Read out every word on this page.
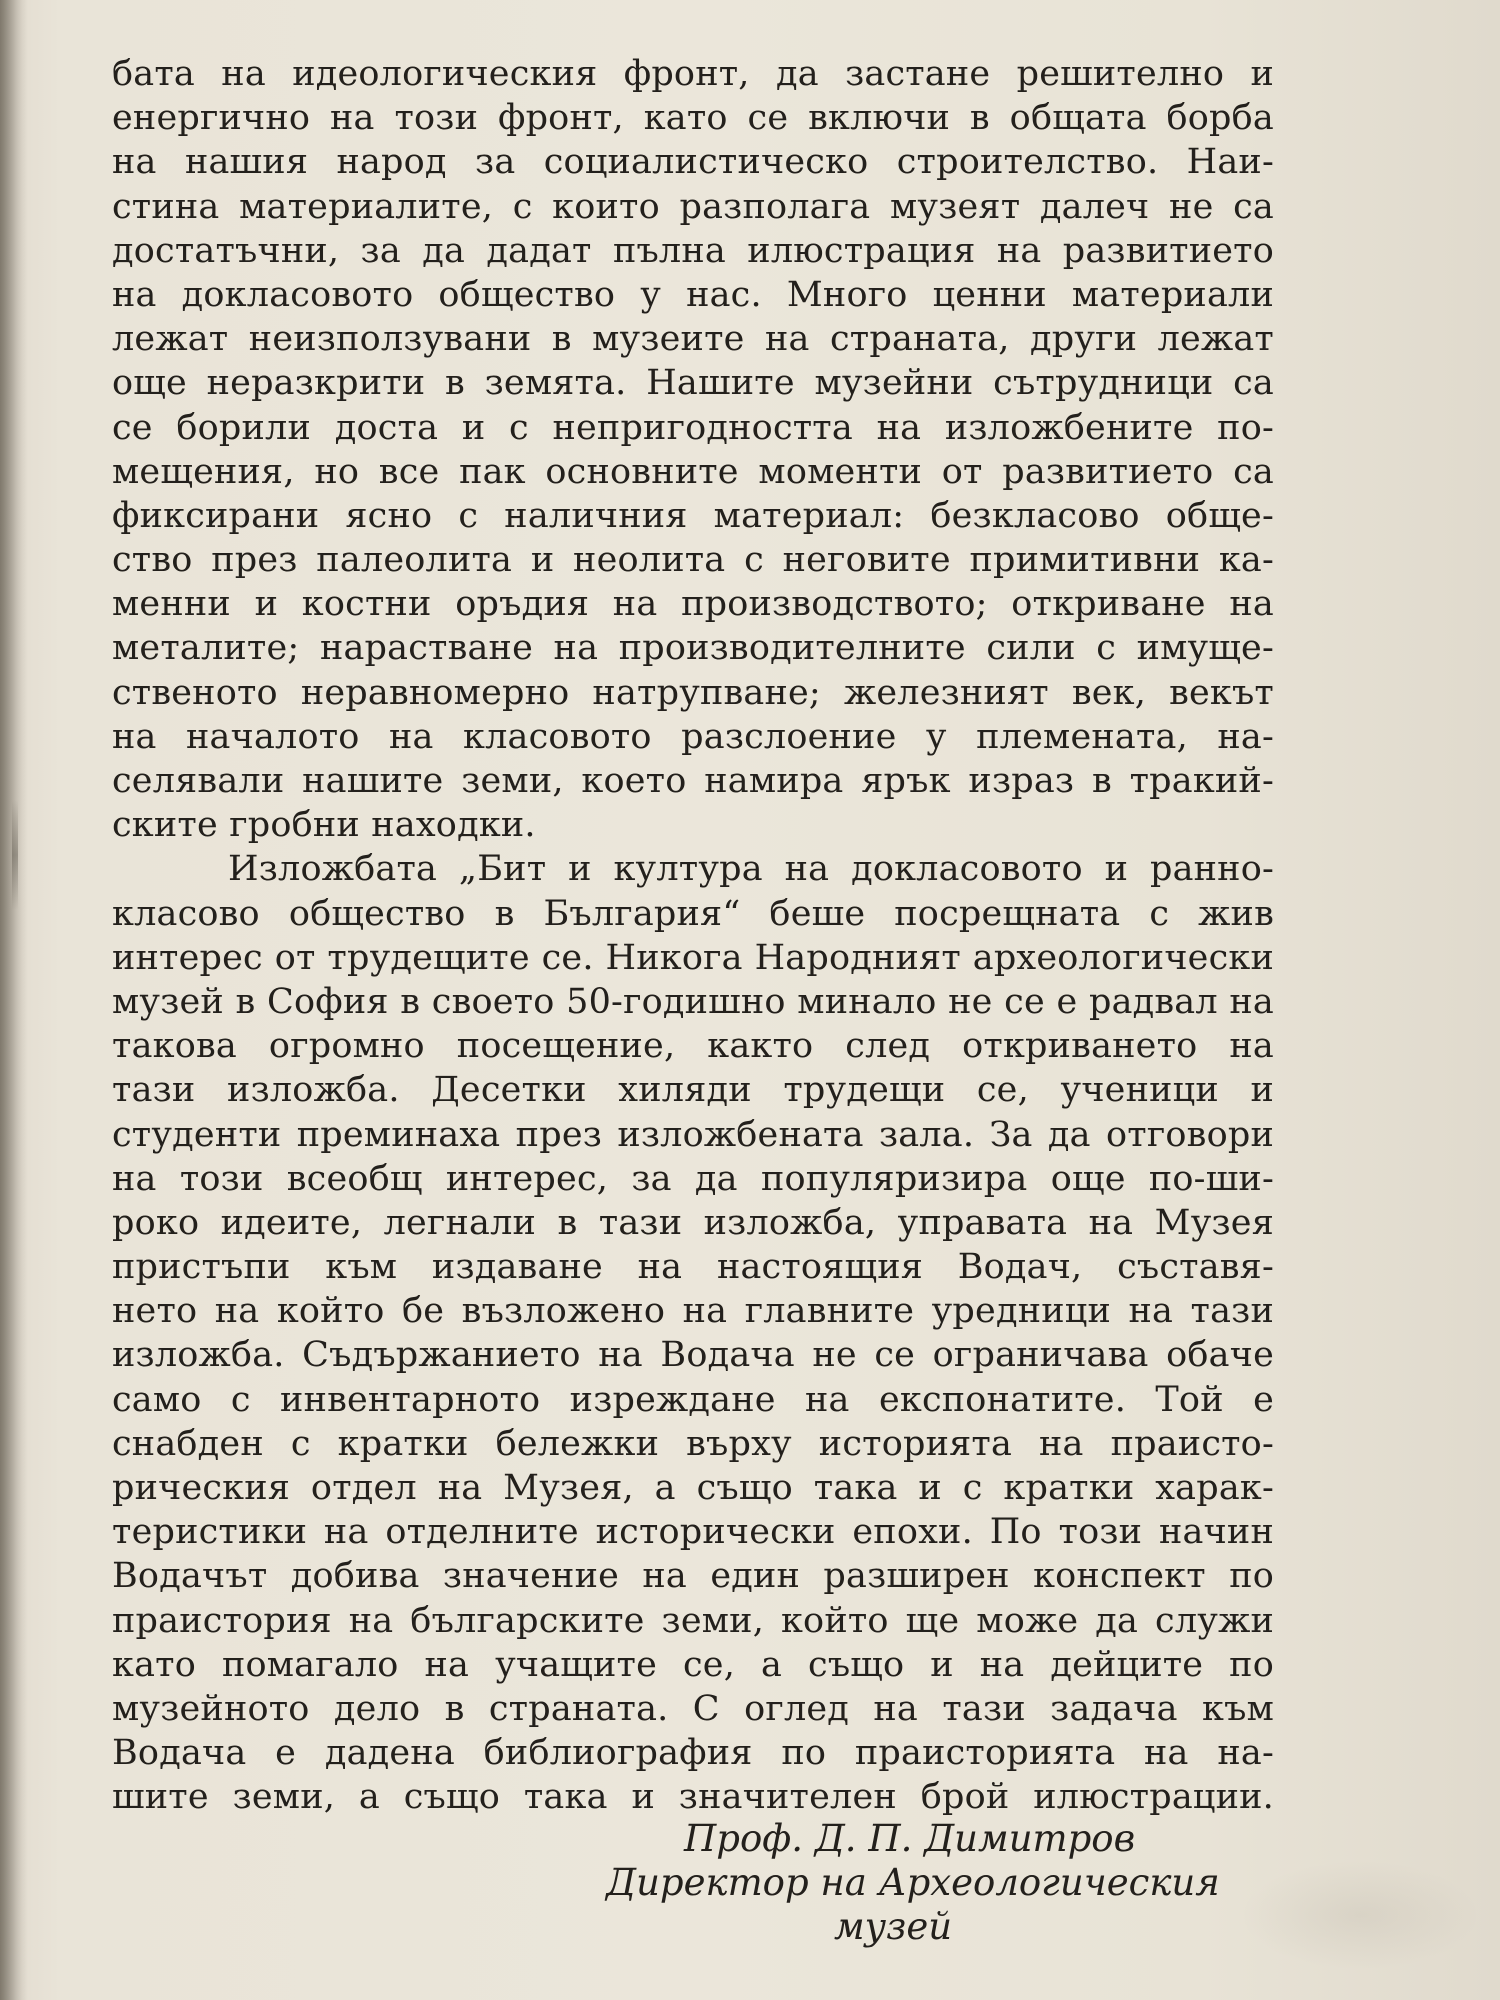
бата на идеологическия фронт, да застане решително и
енергично на този фронт, като се включи в общата борба
на нашия народ за социалистическо строителство. Наи-
стина материалите, с които разполага музеят далеч не са
достатъчни, за да дадат пълна илюстрация на развитието
на докласовото общество у нас. Много ценни материали
лежат неизползувани в музеите на страната, други лежат
още неразкрити в земята. Нашите музейни сътрудници са
се борили доста и с непригодността на изложбените по-
мещения, но все пак основните моменти от развитието са
фиксирани ясно с наличния материал: безкласово обще-
ство през палеолита и неолита с неговите примитивни ка-
менни и костни оръдия на производството; откриване на
металите; нарастване на производителните сили с имуще-
ственото неравномерно натрупване; железният век, векът
на началото на класовото разслоение у племената, на-
селявали нашите земи, което намира ярък израз в тракий-
ските гробни находки.
Изложбата „Бит и култура на докласовото и ранно-
класово общество в България“ беше посрещната с жив
интерес от трудещите се. Никога Народният археологически
музей в София в своето 50-годишно минало не се е радвал на
такова огромно посещение, както след откриването на
тази изложба. Десетки хиляди трудещи се, ученици и
студенти преминаха през изложбената зала. За да отговори
на този всеобщ интерес, за да популяризира още по-ши-
роко идеите, легнали в тази изложба, управата на Музея
пристъпи към издаване на настоящия Водач, съставя-
нето на който бе възложено на главните уредници на тази
изложба. Съдържанието на Водача не се ограничава обаче
само с инвентарното изреждане на експонатите. Той е
снабден с кратки бележки върху историята на праисто-
рическия отдел на Музея, а също така и с кратки харак-
теристики на отделните исторически епохи. По този начин
Водачът добива значение на един разширен конспект по
праистория на българските земи, който ще може да служи
като помагало на учащите се, а също и на дейците по
музейното дело в страната. С оглед на тази задача към
Водача е дадена библиография по праисторията на на-
шите земи, а също така и значителен брой илюстрации.
Проф. Д. П. Димитров
Директор на Археологическия
музей
